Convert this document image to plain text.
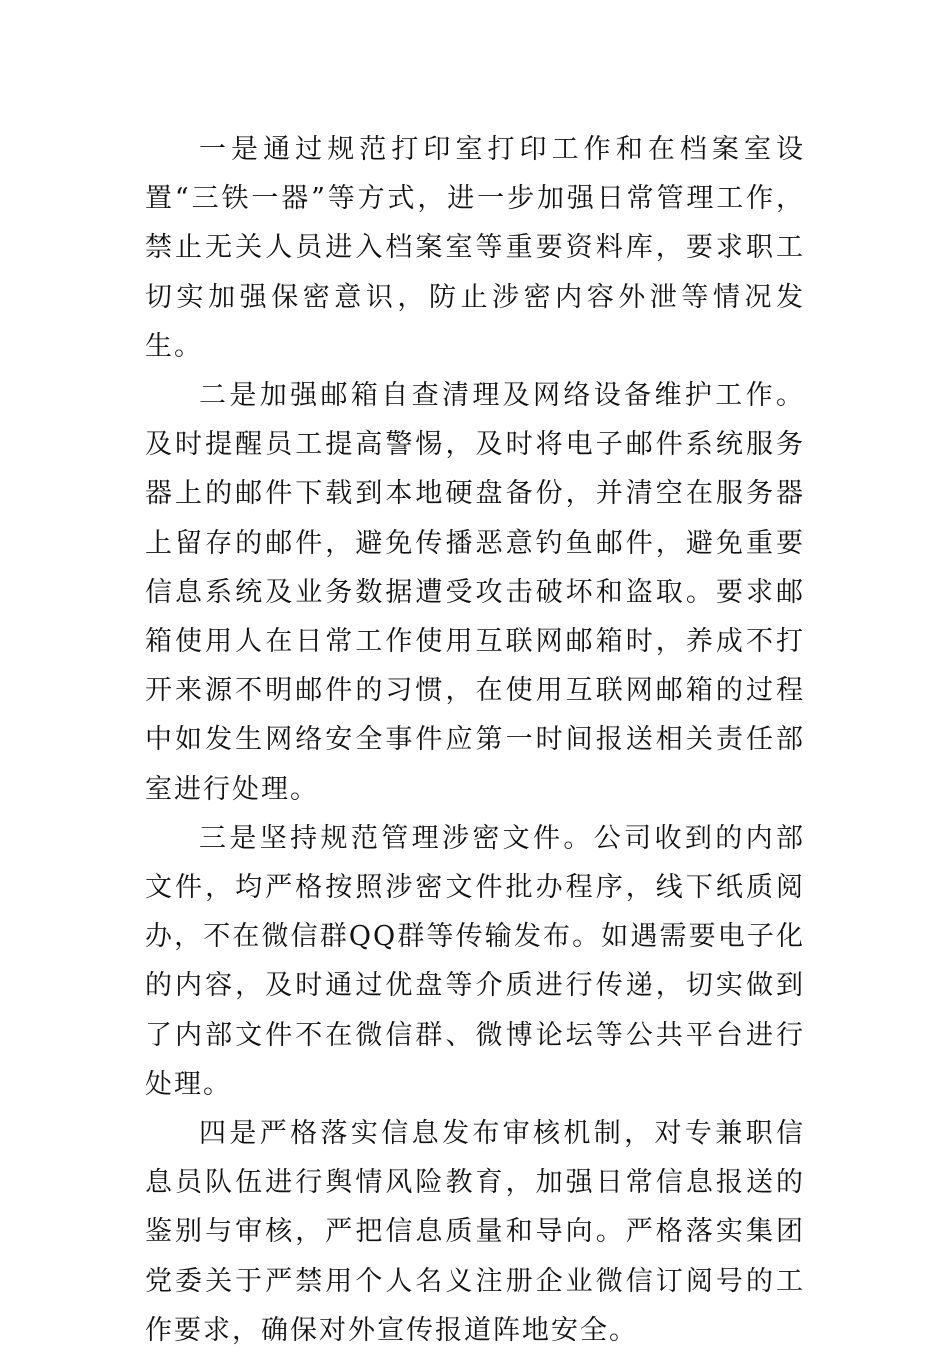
一是通过规范打印室打印工作和在档案室设置“三铁一器”等方式，进一步加强日常管理工作，禁止无关人员进入档案室等重要资料库，要求职工切实加强保密意识，防止涉密内容外泄等情况发生。

二是加强邮箱自查清理及网络设备维护工作。及时提醒员工提高警惕，及时将电子邮件系统服务器上的邮件下载到本地硬盘备份，并清空在服务器上留存的邮件，避免传播恶意钓鱼邮件，避免重要信息系统及业务数据遭受攻击破坏和盗取。要求邮箱使用人在日常工作使用互联网邮箱时，养成不打开来源不明邮件的习惯，在使用互联网邮箱的过程中如发生网络安全事件应第一时间报送相关责任部室进行处理。

三是坚持规范管理涉密文件。公司收到的内部文件，均严格按照涉密文件批办程序，线下纸质阅办，不在微信群QQ群等传输发布。如遇需要电子化的内容，及时通过优盘等介质进行传递，切实做到了内部文件不在微信群、微博论坛等公共平台进行处理。

四是严格落实信息发布审核机制，对专兼职信息员队伍进行舆情风险教育，加强日常信息报送的鉴别与审核，严把信息质量和导向。严格落实集团党委关于严禁用个人名义注册企业微信订阅号的工作要求，确保对外宣传报道阵地安全。
